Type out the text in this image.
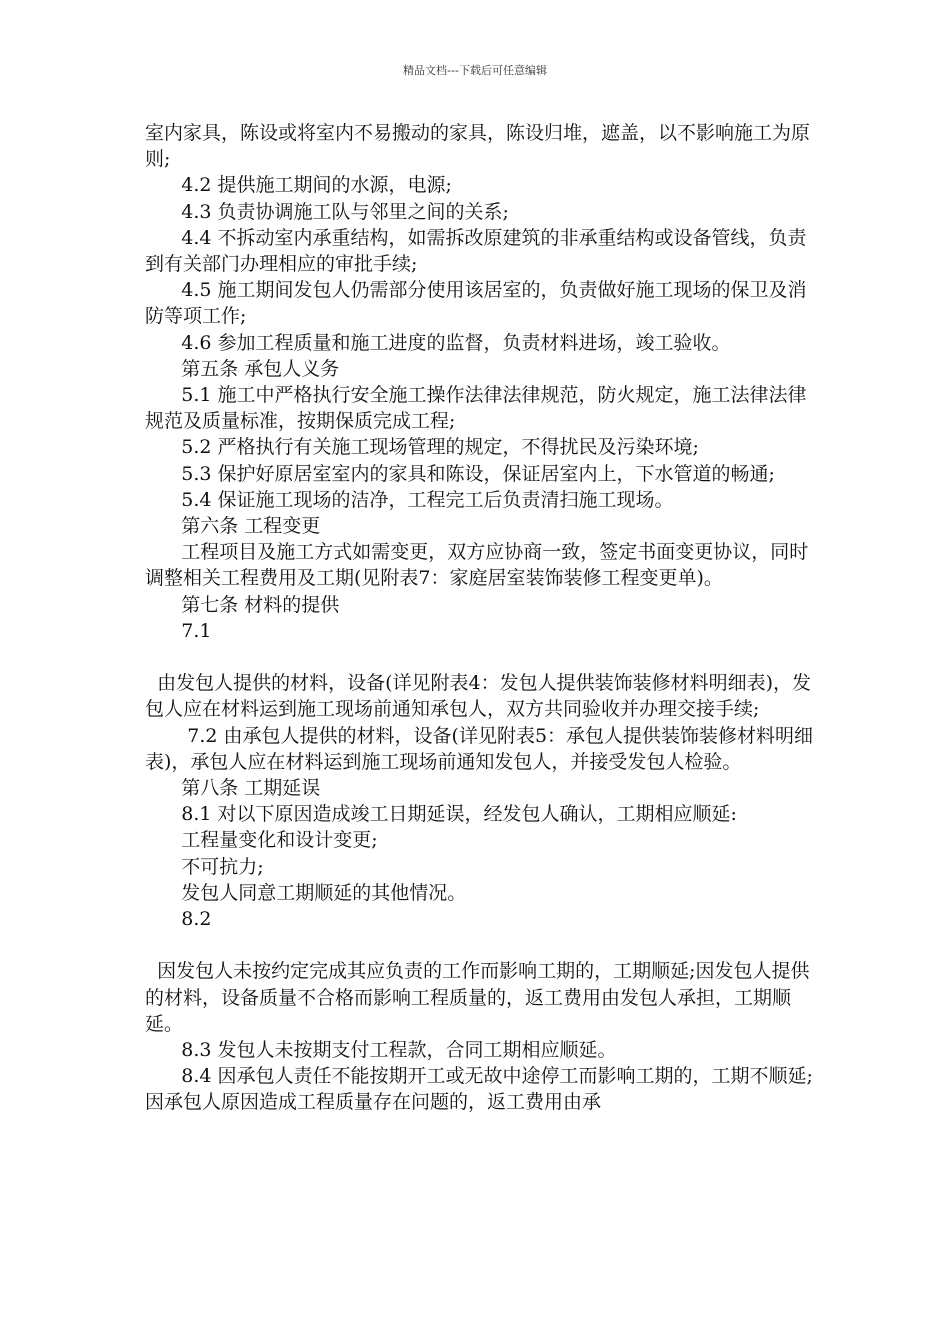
精品文档---下载后可任意编辑
室内家具，陈设或将室内不易搬动的家具，陈设归堆，遮盖，以不影响施工为原则;
4.2 提供施工期间的水源，电源;
4.3 负责协调施工队与邻里之间的关系;
4.4 不拆动室内承重结构，如需拆改原建筑的非承重结构或设备管线，负责到有关部门办理相应的审批手续;
4.5 施工期间发包人仍需部分使用该居室的，负责做好施工现场的保卫及消防等项工作;
4.6 参加工程质量和施工进度的监督，负责材料进场，竣工验收。
第五条 承包人义务
5.1 施工中严格执行安全施工操作法律法律规范，防火规定，施工法律法律规范及质量标准，按期保质完成工程;
5.2 严格执行有关施工现场管理的规定，不得扰民及污染环境;
5.3 保护好原居室室内的家具和陈设，保证居室内上，下水管道的畅通;
5.4 保证施工现场的洁净，工程完工后负责清扫施工现场。
第六条 工程变更
工程项目及施工方式如需变更，双方应协商一致，签定书面变更协议，同时调整相关工程费用及工期(见附表7：家庭居室装饰装修工程变更单)。
第七条 材料的提供
7.1
由发包人提供的材料，设备(详见附表4：发包人提供装饰装修材料明细表)，发包人应在材料运到施工现场前通知承包人，双方共同验收并办理交接手续;
7.2 由承包人提供的材料，设备(详见附表5：承包人提供装饰装修材料明细表)，承包人应在材料运到施工现场前通知发包人，并接受发包人检验。
第八条 工期延误
8.1 对以下原因造成竣工日期延误，经发包人确认，工期相应顺延:
工程量变化和设计变更;
不可抗力;
发包人同意工期顺延的其他情况。
8.2
因发包人未按约定完成其应负责的工作而影响工期的，工期顺延;因发包人提供的材料，设备质量不合格而影响工程质量的，返工费用由发包人承担，工期顺延。
8.3 发包人未按期支付工程款，合同工期相应顺延。
8.4 因承包人责任不能按期开工或无故中途停工而影响工期的，工期不顺延;因承包人原因造成工程质量存在问题的，返工费用由承
